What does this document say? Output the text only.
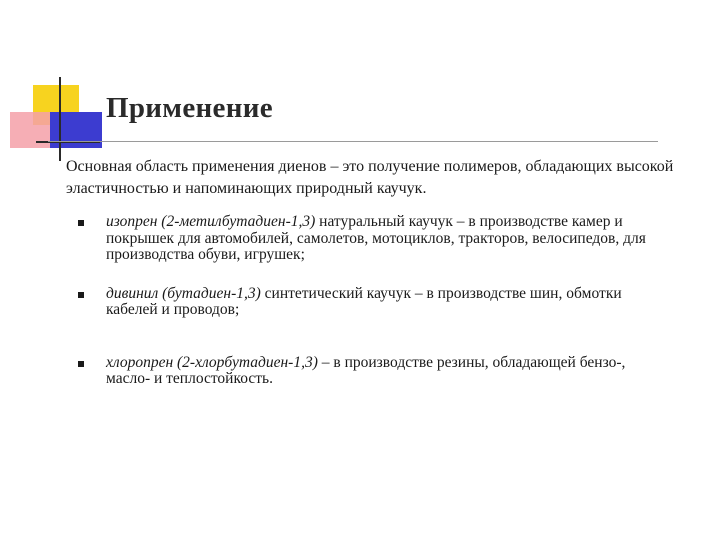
Применение
Основная область применения диенов – это получение полимеров, обладающих высокой эластичностью и напоминающих природный каучук.
изопрен (2-метилбутадиен-1,3) натуральный каучук – в производстве камер и покрышек для автомобилей, самолетов, мотоциклов, тракторов, велосипедов, для производства обуви, игрушек;
дивинил (бутадиен-1,3) синтетический каучук – в производстве шин, обмотки кабелей и проводов;
хлоропрен (2-хлорбутадиен-1,3) – в производстве резины, обладающей бензо-, масло- и теплостойкость.
